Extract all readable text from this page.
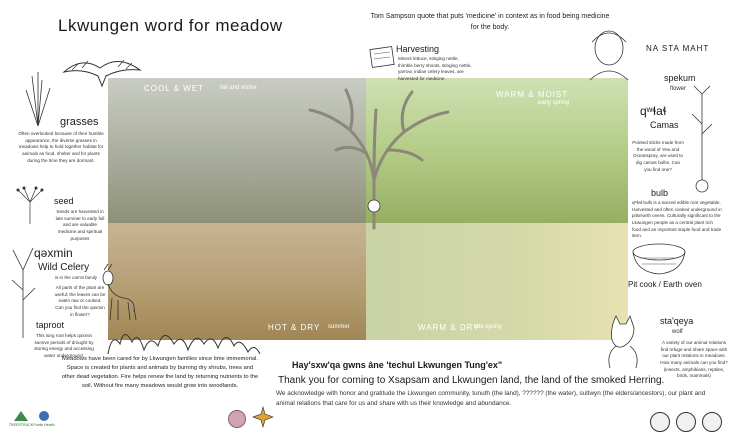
Lkwungen word for meadow	Tom Sampson quote that puts 'medicine' in context as in food being medicine for the body.
NA STA MAHT
COOL & WET	fall and winter
WARM & MOIST
early spring
HOT & DRY summer	WARM & DRY
late spring
Harvesting
Miners lettuce, stinging nettle, thimble berry shoots, stinging nettle, yarrow, indian celery leaves, are harvested for medicine
grasses
Often overlooked because of their humble appearance, the diverse grasses in meadows help to hold together habitat for animals as food, shelter and for plants during the time they are dormant.
seed
Seeds are harvested in late summer to early fall and are valuable medicine and spiritual purposes
qəxmin
Wild Celery
is in the carrot family
All parts of the plant are useful: the leaves can be eaten raw or cooked. Can you find the qəxmin in flower?
taproot
This long root helps qəxmin survive periods of drought by storing energy and accessing water underground.
spekum
flower
qʷɬaɬ
Camas
Pointed sticks made from the wood of Yew and Oceanspray, are used to dig camas bulbs. Can you find one?
bulb
qʷɬaɬ bulb is a sacred edible root vegetable. Harvested and often cooked underground in pits/earth ovens. Culturally significant to the Lkwungen people as a central plant rich food and an important staple food and trade item.
Pit cook / Earth oven
sta'qeya
wolf
A variety of our animal relations find refuge and share space with our plant relations in meadows. How many animals can you find? (insects, amphibians, reptiles, birds, mammals)
Meadows have been cared for by Lkwungen families since time immemorial. Space is created for plants and animals by burning dry shrubs, trees and other dead vegetation. Fire helps renew the land by returning nutrients to the soil. Without fire many meadows would grow into woodlands.
Hay'sxw'qa gwns âne 'techul Lkwungen Tung'ex"
Thank you for coming to Xsapsam and Lkwungen land, the land of the smoked Herring.
We acknowledge with honor and gratitude the Lkwungen community, tunuth (the land), ?????? (the water), sultwyn (the elders/ancestors), our plant and animal relations that care for us and share with us their knowledge and abundance.
TREESTRUCK Public Health
